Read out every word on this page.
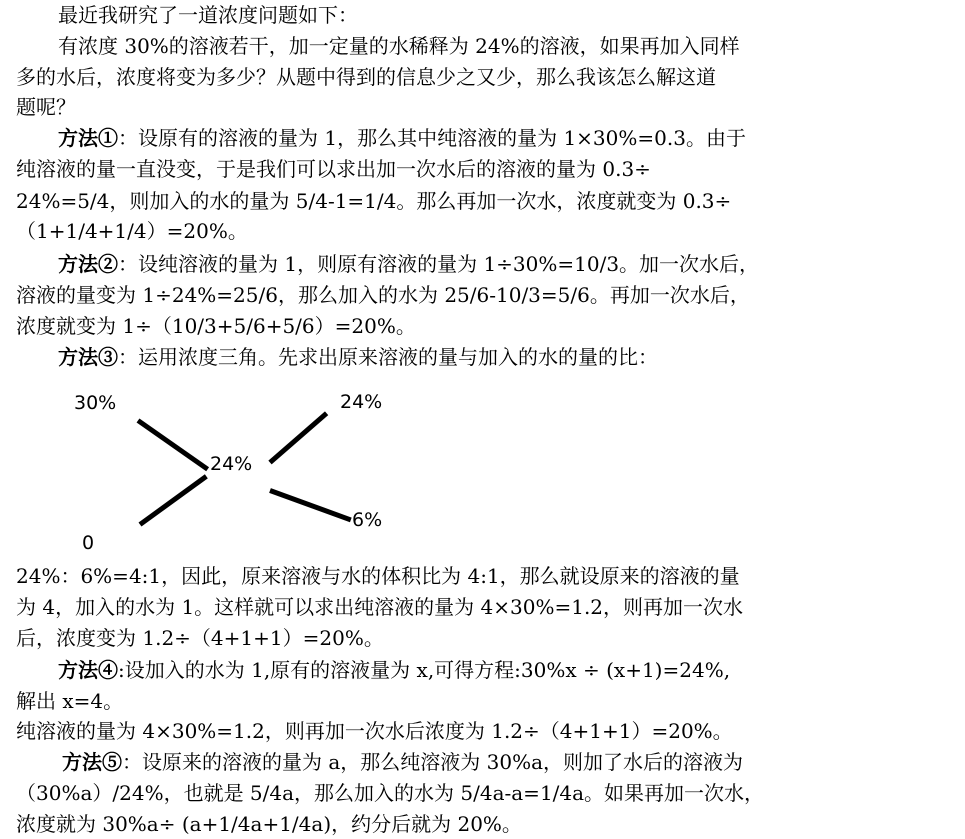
最近我研究了一道浓度问题如下：
有浓度 30%的溶液若干，加一定量的水稀释为 24%的溶液，如果再加入同样
多的水后，浓度将变为多少？从题中得到的信息少之又少，那么我该怎么解这道
题呢？
方法①：设原有的溶液的量为 1，那么其中纯溶液的量为 1×30%=0.3。由于
纯溶液的量一直没变，于是我们可以求出加一次水后的溶液的量为 0.3÷
24%=5/4，则加入的水的量为 5/4-1=1/4。那么再加一次水，浓度就变为 0.3÷
（1+1/4+1/4）=20%。
方法②：设纯溶液的量为 1，则原有溶液的量为 1÷30%=10/3。加一次水后，
溶液的量变为 1÷24%=25/6，那么加入的水为 25/6-10/3=5/6。再加一次水后，
浓度就变为 1÷（10/3+5/6+5/6）=20%。
方法③：运用浓度三角。先求出原来溶液的量与加入的水的量的比：
30%	24%
24%
6%
0
24%：6%=4:1，因此，原来溶液与水的体积比为 4:1，那么就设原来的溶液的量
为 4，加入的水为 1。这样就可以求出纯溶液的量为 4×30%=1.2，则再加一次水
后，浓度变为 1.2÷（4+1+1）=20%。
方法④:设加入的水为 1,原有的溶液量为 x,可得方程:30%x ÷ (x+1)=24%,
解出 x=4。
纯溶液的量为 4×30%=1.2，则再加一次水后浓度为 1.2÷（4+1+1）=20%。
方法⑤：设原来的溶液的量为 a，那么纯溶液为 30%a，则加了水后的溶液为
（30%a）/24%，也就是 5/4a，那么加入的水为 5/4a-a=1/4a。如果再加一次水，
浓度就为 30%a÷ (a+1/4a+1/4a)，约分后就为 20%。
